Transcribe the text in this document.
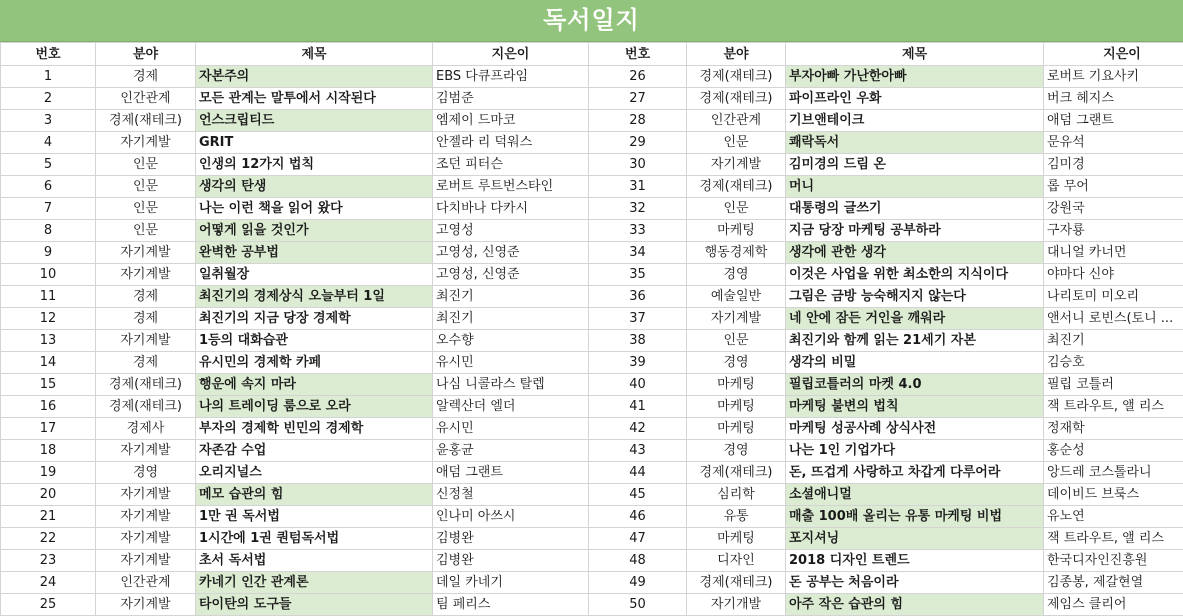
독서일지
번호	분야	제목	지은이	번호	분야	제목	지은이
1	경제	자본주의	EBS 다큐프라임	26	경제(재테크)	부자아빠 가난한아빠	로버트 기요사키
2	인간관계	모든 관계는 말투에서 시작된다	김범준	27	경제(재테크)	파이프라인 우화	버크 헤지스
3	경제(재테크)	언스크립티드	엠제이 드마코	28	인간관계	기브앤테이크	애덤 그랜트
4	자기계발	GRIT	안젤라 리 덕워스	29	인문	쾌락독서	문유석
5	인문	인생의 12가지 법칙	조던 피터슨	30	자기계발	김미경의 드림 온	김미경
6	인문	생각의 탄생	로버트 루트번스타인	31	경제(재테크)	머니	롭 무어
7	인문	나는 이런 책을 읽어 왔다	다치바나 다카시	32	인문	대통령의 글쓰기	강원국
8	인문	어떻게 읽을 것인가	고영성	33	마케팅	지금 당장 마케팅 공부하라	구자룡
9	자기계발	완벽한 공부법	고영성, 신영준	34	행동경제학	생각에 관한 생각	대니얼 카너먼
10	자기계발	일취월장	고영성, 신영준	35	경영	이것은 사업을 위한 최소한의 지식이다	야마다 신야
11	경제	최진기의 경제상식 오늘부터 1일	최진기	36	예술일반	그림은 금방 능숙해지지 않는다	나리토미 미오리
12	경제	최진기의 지금 당장 경제학	최진기	37	자기계발	네 안에 잠든 거인을 깨워라	앤서니 로빈스(토니 ...
13	자기계발	1등의 대화습관	오수향	38	인문	최진기와 함께 읽는 21세기 자본	최진기
14	경제	유시민의 경제학 카페	유시민	39	경영	생각의 비밀	김승호
15	경제(재테크)	행운에 속지 마라	나심 니콜라스 탈렙	40	마케팅	필립코틀러의 마켓 4.0	필립 코틀러
16	경제(재테크)	나의 트레이딩 룸으로 오라	알렉산더 엘더	41	마케팅	마케팅 불변의 법칙	잭 트라우트, 앨 리스
17	경제사	부자의 경제학 빈민의 경제학	유시민	42	마케팅	마케팅 성공사례 상식사전	정재학
18	자기계발	자존감 수업	윤홍균	43	경영	나는 1인 기업가다	홍순성
19	경영	오리지널스	애덤 그랜트	44	경제(재테크)	돈, 뜨겁게 사랑하고 차갑게 다루어라	앙드레 코스톨라니
20	자기계발	메모 습관의 힘	신정철	45	심리학	소셜애니멀	데이비드 브룩스
21	자기계발	1만 권 독서법	인나미 아쓰시	46	유통	매출 100배 올리는 유통 마케팅 비법	유노연
22	자기계발	1시간에 1권 퀀텀독서법	김병완	47	마케팅	포지셔닝	잭 트라우트, 앨 리스
23	자기계발	초서 독서법	김병완	48	디자인	2018 디자인 트렌드	한국디자인진흥원
24	인간관계	카네기 인간 관계론	데일 카네기	49	경제(재테크)	돈 공부는 처음이라	김종봉, 제갈현열
25	자기계발	타이탄의 도구들	팀 페리스	50	자기개발	아주 작은 습관의 힘	제임스 클리어
